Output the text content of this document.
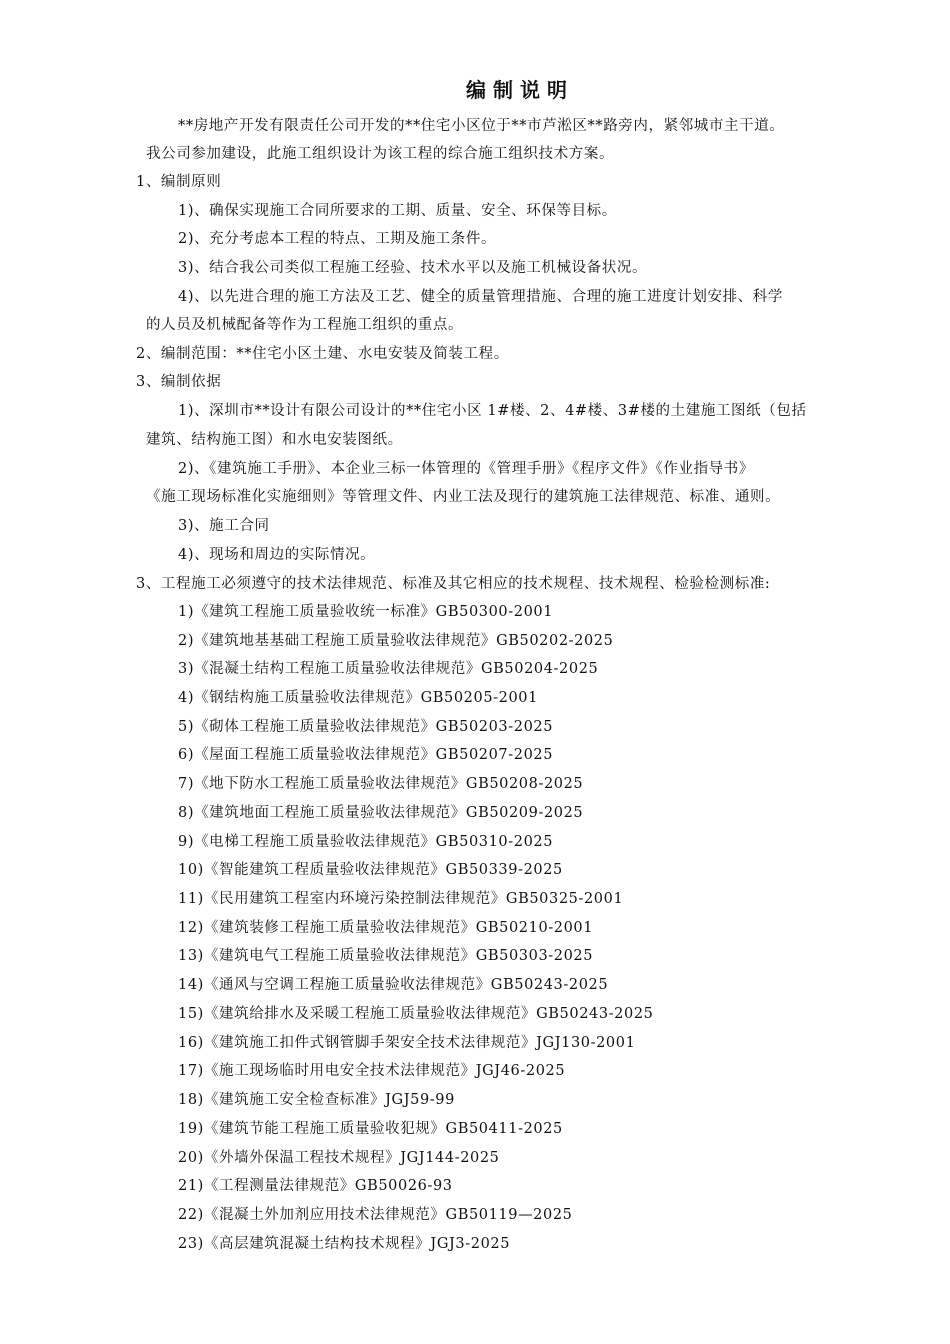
编制说明
**房地产开发有限责任公司开发的**住宅小区位于**市芦淞区**路旁内，紧邻城市主干道。
我公司参加建设，此施工组织设计为该工程的综合施工组织技术方案。
1、编制原则
1)、确保实现施工合同所要求的工期、质量、安全、环保等目标。
2)、充分考虑本工程的特点、工期及施工条件。
3)、结合我公司类似工程施工经验、技术水平以及施工机械设备状况。
4)、以先进合理的施工方法及工艺、健全的质量管理措施、合理的施工进度计划安排、科学
的人员及机械配备等作为工程施工组织的重点。
2、编制范围：**住宅小区土建、水电安装及简装工程。
3、编制依据
1)、深圳市**设计有限公司设计的**住宅小区 1#楼、2、4#楼、3#楼的土建施工图纸（包括
建筑、结构施工图）和水电安装图纸。
2)、《建筑施工手册》、本企业三标一体管理的《管理手册》《程序文件》《作业指导书》
《施工现场标准化实施细则》等管理文件、内业工法及现行的建筑施工法律规范、标准、通则。
3)、施工合同
4)、现场和周边的实际情况。
3、工程施工必须遵守的技术法律规范、标准及其它相应的技术规程、技术规程、检验检测标准:
1)《建筑工程施工质量验收统一标准》GB50300-2001
2)《建筑地基基础工程施工质量验收法律规范》GB50202-2025
3)《混凝土结构工程施工质量验收法律规范》GB50204-2025
4)《钢结构施工质量验收法律规范》GB50205-2001
5)《砌体工程施工质量验收法律规范》GB50203-2025
6)《屋面工程施工质量验收法律规范》GB50207-2025
7)《地下防水工程施工质量验收法律规范》GB50208-2025
8)《建筑地面工程施工质量验收法律规范》GB50209-2025
9)《电梯工程施工质量验收法律规范》GB50310-2025
10)《智能建筑工程质量验收法律规范》GB50339-2025
11)《民用建筑工程室内环境污染控制法律规范》GB50325-2001
12)《建筑装修工程施工质量验收法律规范》GB50210-2001
13)《建筑电气工程施工质量验收法律规范》GB50303-2025
14)《通风与空调工程施工质量验收法律规范》GB50243-2025
15)《建筑给排水及采暖工程施工质量验收法律规范》GB50243-2025
16)《建筑施工扣件式钢管脚手架安全技术法律规范》JGJ130-2001
17)《施工现场临时用电安全技术法律规范》JGJ46-2025
18)《建筑施工安全检查标准》JGJ59-99
19)《建筑节能工程施工质量验收犯规》GB50411-2025
20)《外墙外保温工程技术规程》JGJ144-2025
21)《工程测量法律规范》GB50026-93
22)《混凝土外加剂应用技术法律规范》GB50119—2025
23)《高层建筑混凝土结构技术规程》JGJ3-2025
